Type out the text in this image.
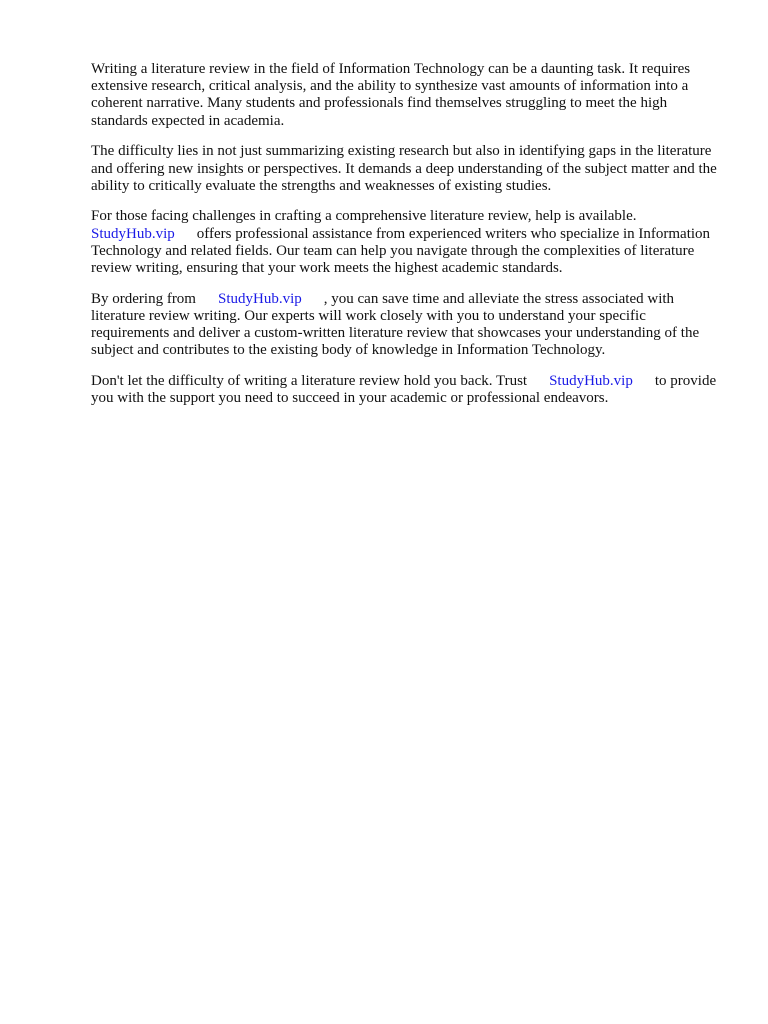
Writing a literature review in the field of Information Technology can be a daunting task. It requires extensive research, critical analysis, and the ability to synthesize vast amounts of information into a coherent narrative. Many students and professionals find themselves struggling to meet the high standards expected in academia.

The difficulty lies in not just summarizing existing research but also in identifying gaps in the literature and offering new insights or perspectives. It demands a deep understanding of the subject matter and the ability to critically evaluate the strengths and weaknesses of existing studies.

For those facing challenges in crafting a comprehensive literature review, help is available.
StudyHub.vip offers professional assistance from experienced writers who specialize in Information Technology and related fields. Our team can help you navigate through the complexities of literature review writing, ensuring that your work meets the highest academic standards.

By ordering from StudyHub.vip , you can save time and alleviate the stress associated with literature review writing. Our experts will work closely with you to understand your specific requirements and deliver a custom-written literature review that showcases your understanding of the subject and contributes to the existing body of knowledge in Information Technology.

Don't let the difficulty of writing a literature review hold you back. Trust StudyHub.vip to provide you with the support you need to succeed in your academic or professional endeavors.
